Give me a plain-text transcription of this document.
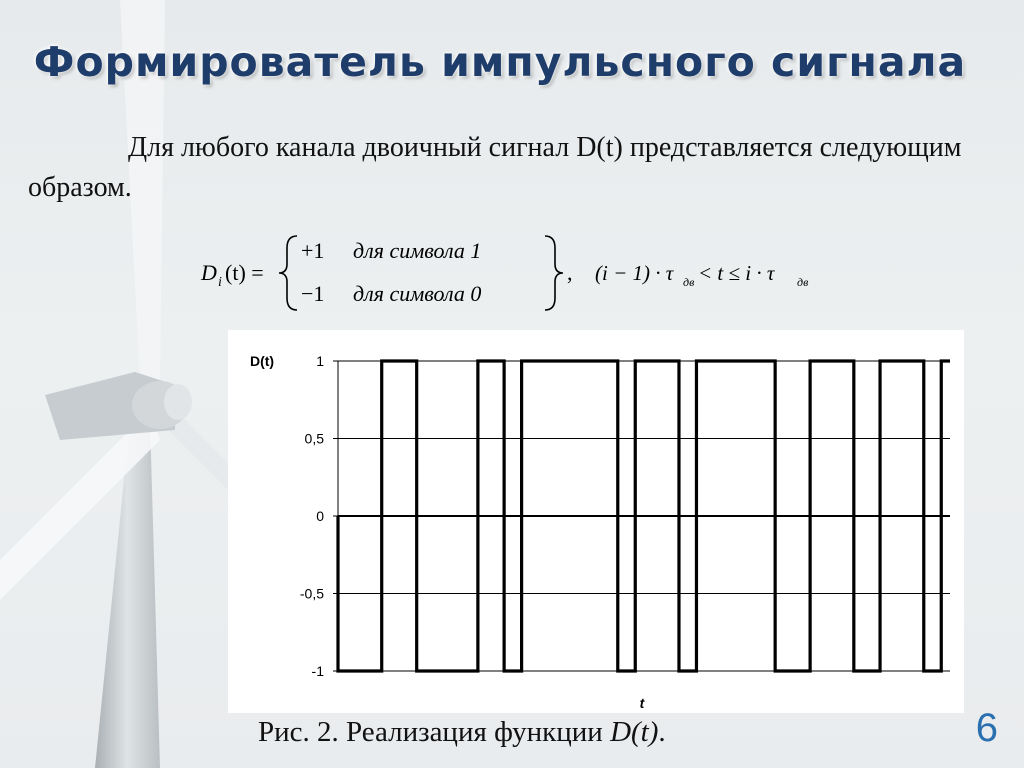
Формирователь импульсного сигнала
Для любого канала двоичный сигнал D(t) представляется следующим образом.
D i (t) =
+1 для символа 1
−1 для символа 0
, (i − 1) · τ дв < t ≤ i · τ дв
D(t)
t
1
0,5
0
-0,5
-1
Рис. 2. Реализация функции D(t).	6
